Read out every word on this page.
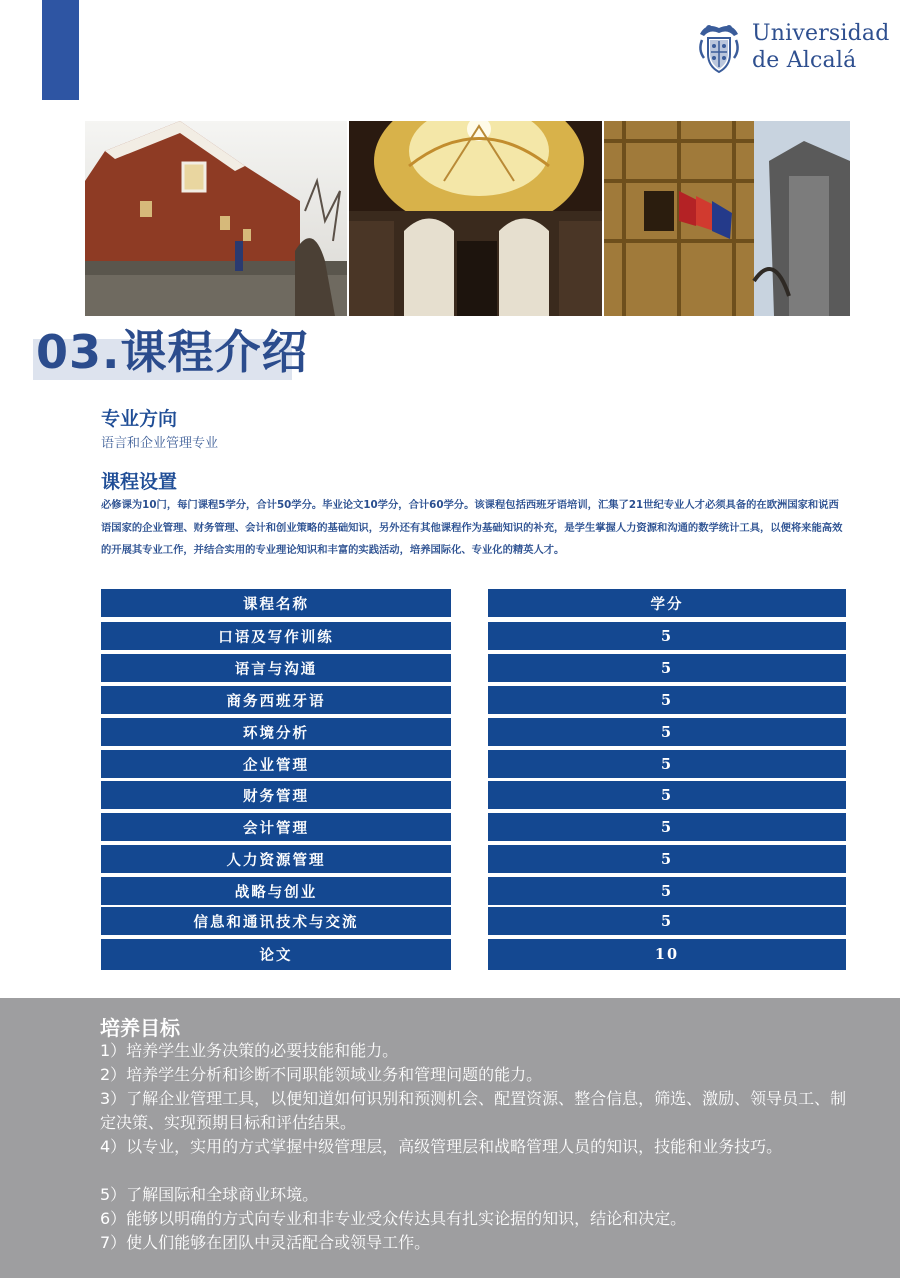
Universidad
de Alcalá
03.课程介绍
专业方向
语言和企业管理专业
课程设置
必修课为10门，每门课程5学分，合计50学分。毕业论文10学分，合计60学分。该课程包括西班牙语培训，汇集了21世纪专业人才必须具备的在欧洲国家和说西语国家的企业管理、财务管理、会计和创业策略的基础知识，另外还有其他课程作为基础知识的补充，是学生掌握人力资源和沟通的数学统计工具，以便将来能高效的开展其专业工作，并结合实用的专业理论知识和丰富的实践活动，培养国际化、专业化的精英人才。
课程名称
口语及写作训练
语言与沟通
商务西班牙语
环境分析
企业管理
财务管理
会计管理
人力资源管理
战略与创业
信息和通讯技术与交流
论文
学分
5
5
5
5
5
5
5
5
5
5
10
培养目标
1）培养学生业务决策的必要技能和能力。
2）培养学生分析和诊断不同职能领域业务和管理问题的能力。
3）了解企业管理工具，以便知道如何识别和预测机会、配置资源、整合信息，筛选、激励、领导员工、制定决策、实现预期目标和评估结果。
4）以专业，实用的方式掌握中级管理层，高级管理层和战略管理人员的知识，技能和业务技巧。
5）了解国际和全球商业环境。
6）能够以明确的方式向专业和非专业受众传达具有扎实论据的知识，结论和决定。
7）使人们能够在团队中灵活配合或领导工作。
